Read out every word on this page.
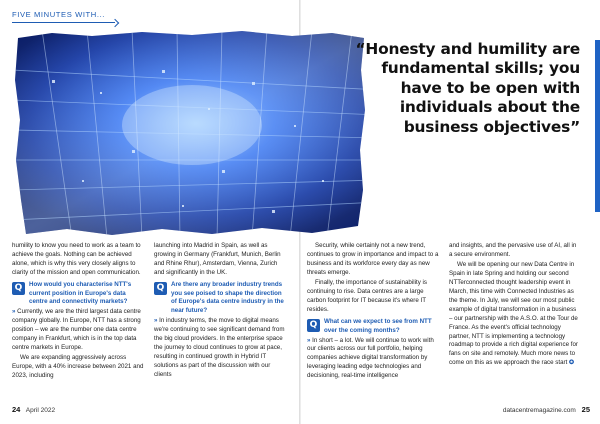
FIVE MINUTES WITH...

“Honesty and humility are fundamental skills; you have to be open with individuals about the business objectives”

humility to know you need to work as a team to achieve the goals. Nothing can be achieved alone, which is why this very closely aligns to clarity of the mission and open communication.

Q	How would you characterise NTT's current position in Europe's data centre and connectivity markets?

» Currently, we are the third largest data centre company globally. In Europe, NTT has a strong position – we are the number one data centre company in Frankfurt, which is in the top data centre markets in Europe.

We are expanding aggressively across Europe, with a 40% increase between 2021 and 2023, including

launching into Madrid in Spain, as well as growing in Germany (Frankfurt, Munich, Berlin and Rhine Rhur), Amsterdam, Vienna, Zurich and significantly in the UK.

Q	Are there any broader industry trends you see poised to shape the direction of Europe's data centre industry in the near future?

» In industry terms, the move to digital means we're continuing to see significant demand from the big cloud providers. In the enterprise space the journey to cloud continues to grow at pace, resulting in continued growth in Hybrid IT solutions as part of the discussion with our clients

Security, while certainly not a new trend, continues to grow in importance and impact to a business and its workforce every day as new threats emerge.

Finally, the importance of sustainability is continuing to rise. Data centres are a large carbon footprint for IT because it's where IT resides.

Q	What can we expect to see from NTT over the coming months?

» In short – a lot. We will continue to work with our clients across our full portfolio, helping companies achieve digital transformation by leveraging leading edge technologies and decisioning, real-time intelligence

and insights, and the pervasive use of AI, all in a secure environment.

We will be opening our new Data Centre in Spain in late Spring and holding our second NTTerconnected thought leadership event in March, this time with Connected Industries as the theme. In July, we will see our most public example of digital transformation in a business – our partnership with the A.S.O. at the Tour de France. As the event's official technology partner, NTT is implementing a technology roadmap to provide a rich digital experience for fans on site and remotely. Much more news to come on this as we approach the race start ✪

24 April 2022	datacentremagazine.com 25
